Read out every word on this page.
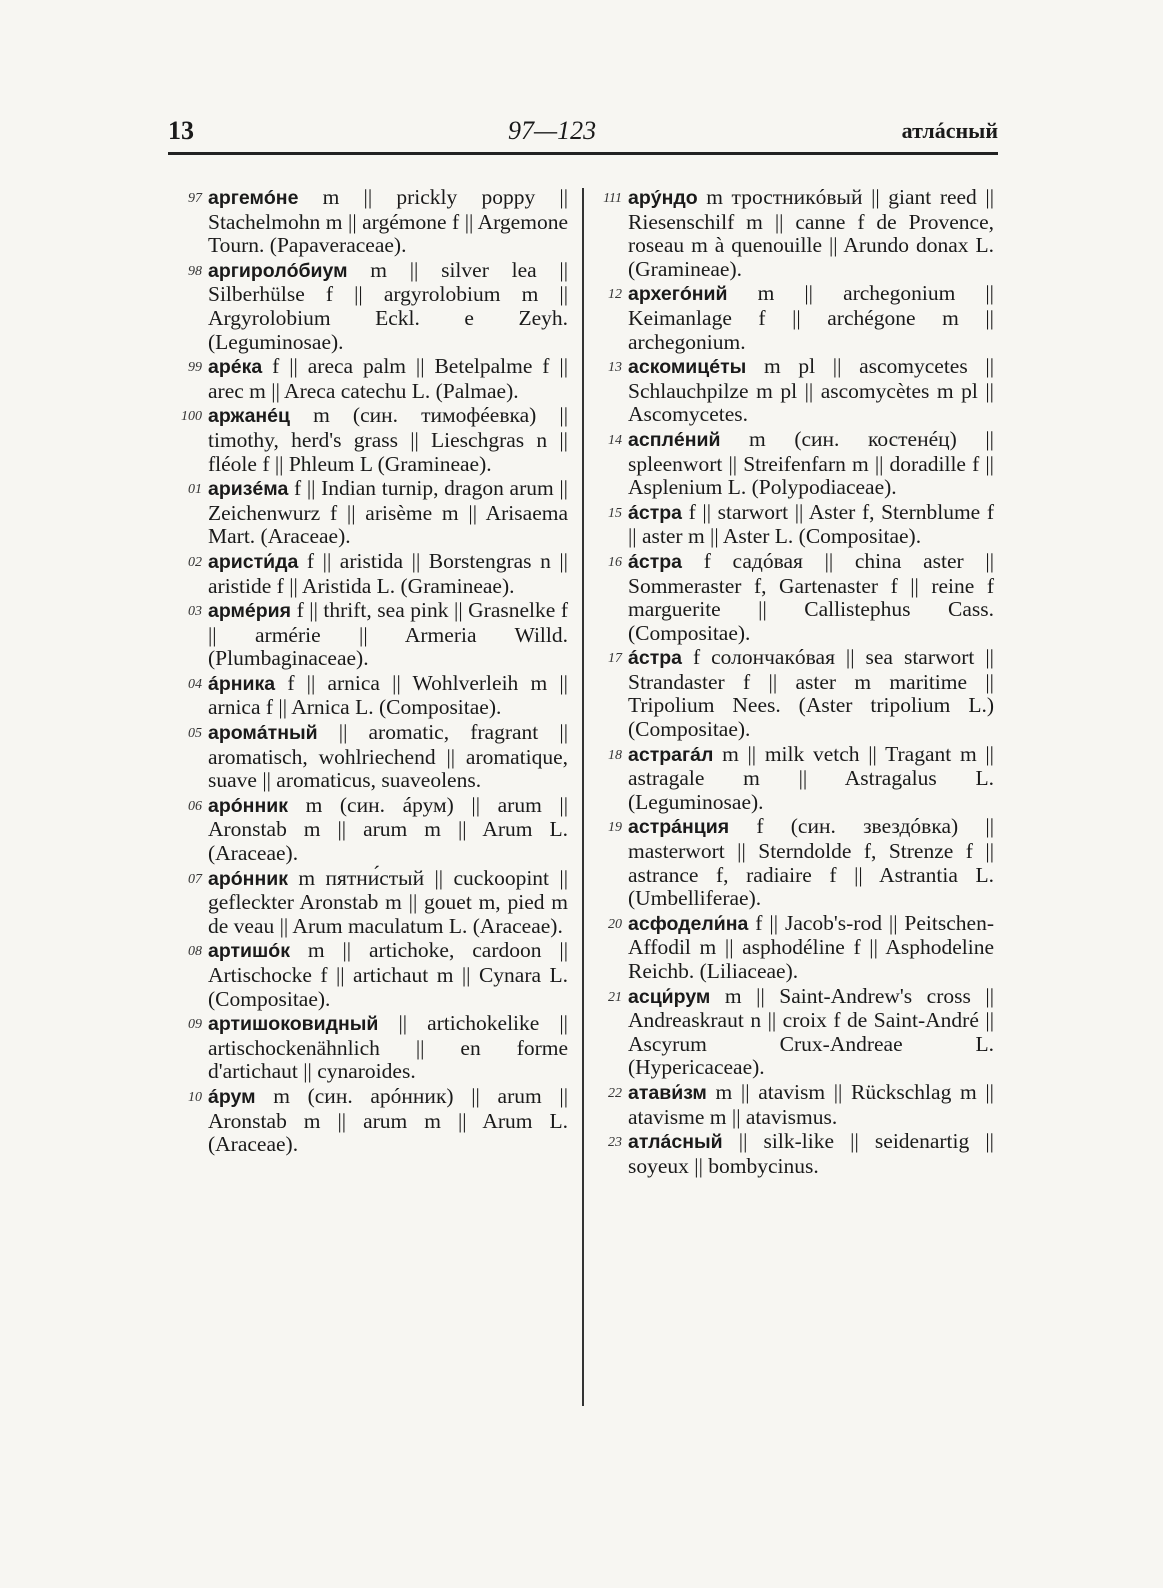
13	97—123	атлáсный
97 аргемóне m || prickly poppy || Stachelmohn m || argémone f || Argemone Tourn. (Papaveraceae).
98 аргиролóбиум m || silver lea || Silberhülse f || argyrolobium m || Argyrolobium Eckl. e Zeyh. (Leguminosae).
99 арéка f || areca palm || Betelpalme f || arec m || Areca catechu L. (Palmae).
100 аржанéц m (син. тимофéевка) || timothy, herd's grass || Lieschgras n || fléole f || Phleum L (Gramineae).
01 аризéма f || Indian turnip, dragon arum || Zeichenwurz f || arisème m || Arisaema Mart. (Araceae).
02 аристи́да f || aristida || Borstengras n || aristide f || Aristida L. (Gramineae).
03 армéрия f || thrift, sea pink || Grasnelke f || armérie || Armeria Willd. (Plumbaginaceae).
04 áрника f || arnica || Wohlverleih m || arnica f || Arnica L. (Compositae).
05 аромáтный || aromatic, fragrant || aromatisch, wohlriechend || aromatique, suave || aromaticus, suaveolens.
06 арóнник m (син. áрум) || arum || Aronstab m || arum m || Arum L. (Araceae).
07 арóнник m пятни́стый || cuckoopint || gefleckter Aronstab m || gouet m, pied m de veau || Arum maculatum L. (Araceae).
08 артишóк m || artichoke, cardoon || Artischocke f || artichaut m || Cynara L. (Compositae).
09 артишоковидный || artichokelike || artischockenähnlich || en forme d'artichaut || cynaroides.
10 áрум m (син. арóнник) || arum || Aronstab m || arum m || Arum L. (Araceae).
111 арýндо m тростникóвый || giant reed || Riesenschilf m || canne f de Provence, roseau m à quenouille || Arundo donax L. (Gramineae).
12 архегóний m || archegonium || Keimanlage f || archégone m || archegonium.
13 аскомицéты m pl || ascomycetes || Schlauchpilze m pl || ascomycètes m pl || Ascomycetes.
14 асплéний m (син. костенéц) || spleenwort || Streifenfarn m || doradille f || Asplenium L. (Polypodiaceae).
15 áстра f || starwort || Aster f, Sternblume f || aster m || Aster L. (Compositae).
16 áстра f садóвая || china aster || Sommeraster f, Gartenaster f || reine f marguerite || Callistephus Cass. (Compositae).
17 áстра f солончакóвая || sea starwort || Strandaster f || aster m maritime || Tripolium Nees. (Aster tripolium L.) (Compositae).
18 астрагáл m || milk vetch || Tragant m || astragale m || Astragalus L. (Leguminosae).
19 астрáнция f (син. звездóвка) || masterwort || Sterndolde f, Strenze f || astrance f, radiaire f || Astrantia L. (Umbelliferae).
20 асфодели́на f || Jacob's-rod || Peitschen-Affodil m || asphodéline f || Asphodeline Reichb. (Liliaceae).
21 асци́рум m || Saint-Andrew's cross || Andreaskraut n || croix f de Saint-André || Ascyrum Crux-Andreae L. (Hypericaceae).
22 атави́зм m || atavism || Rückschlag m || atavisme m || atavismus.
23 атлáсный || silk-like || seidenartig || soyeux || bombycinus.
